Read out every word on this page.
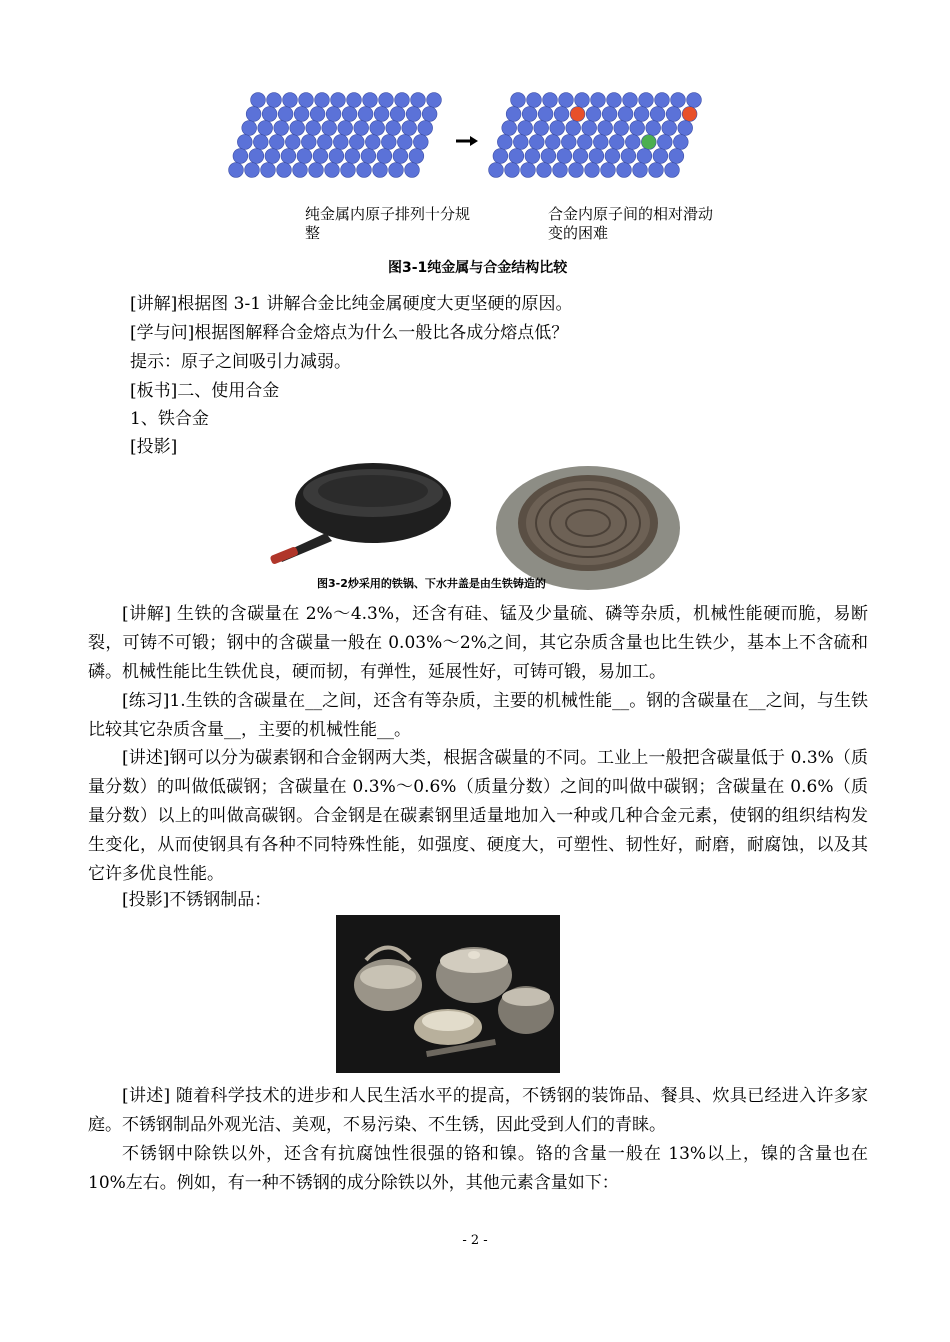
纯金属内原子排列十分规整
合金内原子间的相对滑动变的困难
图3-1纯金属与合金结构比较
[讲解]根据图 3-1 讲解合金比纯金属硬度大更坚硬的原因。
[学与问]根据图解释合金熔点为什么一般比各成分熔点低？
提示：原子之间吸引力减弱。
[板书]二、使用合金
1、铁合金
[投影]
图3-2炒采用的铁锅、下水井盖是由生铁铸造的
[讲解] 生铁的含碳量在 2%～4.3%，还含有硅、锰及少量硫、磷等杂质，机械性能硬而脆，易断裂，可铸不可锻；钢中的含碳量一般在 0.03%～2%之间，其它杂质含量也比生铁少，基本上不含硫和磷。机械性能比生铁优良，硬而韧，有弹性，延展性好，可铸可锻，易加工。
[练习]1.生铁的含碳量在__之间，还含有等杂质，主要的机械性能__。钢的含碳量在__之间，与生铁比较其它杂质含量__，主要的机械性能__。
[讲述]钢可以分为碳素钢和合金钢两大类，根据含碳量的不同。工业上一般把含碳量低于 0.3%（质量分数）的叫做低碳钢；含碳量在 0.3%～0.6%（质量分数）之间的叫做中碳钢；含碳量在 0.6%（质量分数）以上的叫做高碳钢。合金钢是在碳素钢里适量地加入一种或几种合金元素，使钢的组织结构发生变化，从而使钢具有各种不同特殊性能，如强度、硬度大，可塑性、韧性好，耐磨，耐腐蚀，以及其它许多优良性能。
[投影]不锈钢制品：
[讲述] 随着科学技术的进步和人民生活水平的提高，不锈钢的装饰品、餐具、炊具已经进入许多家庭。不锈钢制品外观光洁、美观，不易污染、不生锈，因此受到人们的青睐。
不锈钢中除铁以外，还含有抗腐蚀性很强的铬和镍。铬的含量一般在 13%以上，镍的含量也在 10%左右。例如，有一种不锈钢的成分除铁以外，其他元素含量如下：
- 2 -
